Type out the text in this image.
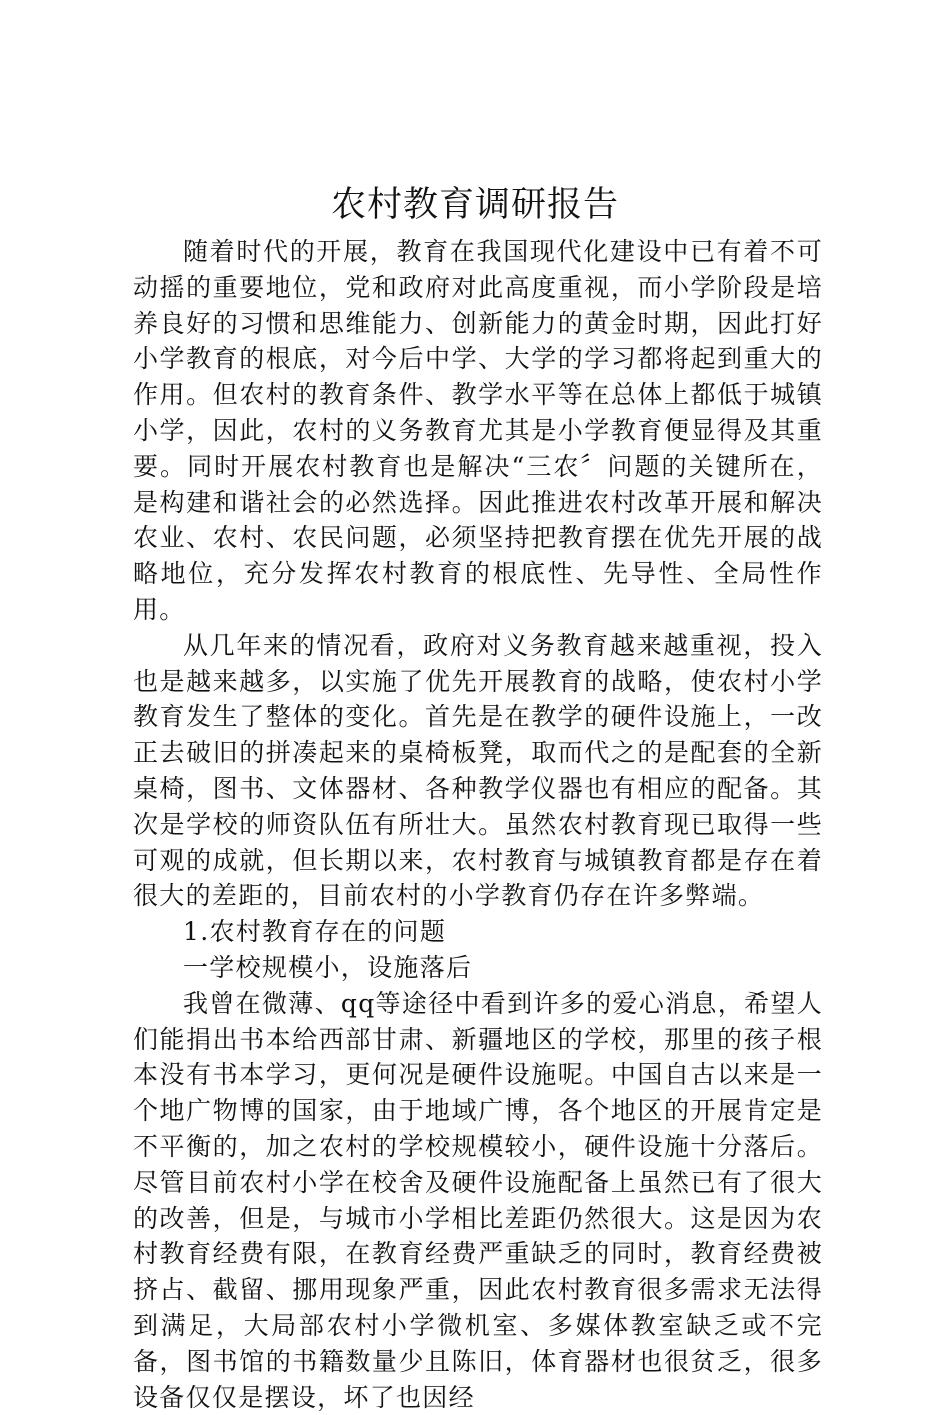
农村教育调研报告

随着时代的开展，教育在我国现代化建设中已有着不可动摇的重要地位，党和政府对此高度重视，而小学阶段是培养良好的习惯和思维能力、创新能力的黄金时期，因此打好小学教育的根底，对今后中学、大学的学习都将起到重大的作用。但农村的教育条件、教学水平等在总体上都低于城镇小学，因此，农村的义务教育尤其是小学教育便显得及其重要。同时开展农村教育也是解决“三农〞问题的关键所在，是构建和谐社会的必然选择。因此推进农村改革开展和解决农业、农村、农民问题，必须坚持把教育摆在优先开展的战略地位，充分发挥农村教育的根底性、先导性、全局性作用。

从几年来的情况看，政府对义务教育越来越重视，投入也是越来越多，以实施了优先开展教育的战略，使农村小学教育发生了整体的变化。首先是在教学的硬件设施上，一改正去破旧的拼凑起来的桌椅板凳，取而代之的是配套的全新桌椅，图书、文体器材、各种教学仪器也有相应的配备。其次是学校的师资队伍有所壮大。虽然农村教育现已取得一些可观的成就，但长期以来，农村教育与城镇教育都是存在着很大的差距的，目前农村的小学教育仍存在许多弊端。

1.农村教育存在的问题

一学校规模小，设施落后

我曾在微薄、qq等途径中看到许多的爱心消息，希望人们能捐出书本给西部甘肃、新疆地区的学校，那里的孩子根本没有书本学习，更何况是硬件设施呢。中国自古以来是一个地广物博的国家，由于地域广博，各个地区的开展肯定是不平衡的，加之农村的学校规模较小，硬件设施十分落后。尽管目前农村小学在校舍及硬件设施配备上虽然已有了很大的改善，但是，与城市小学相比差距仍然很大。这是因为农村教育经费有限，在教育经费严重缺乏的同时，教育经费被挤占、截留、挪用现象严重，因此农村教育很多需求无法得到满足，大局部农村小学微机室、多媒体教室缺乏或不完备，图书馆的书籍数量少且陈旧，体育器材也很贫乏，很多设备仅仅是摆设，坏了也因经
